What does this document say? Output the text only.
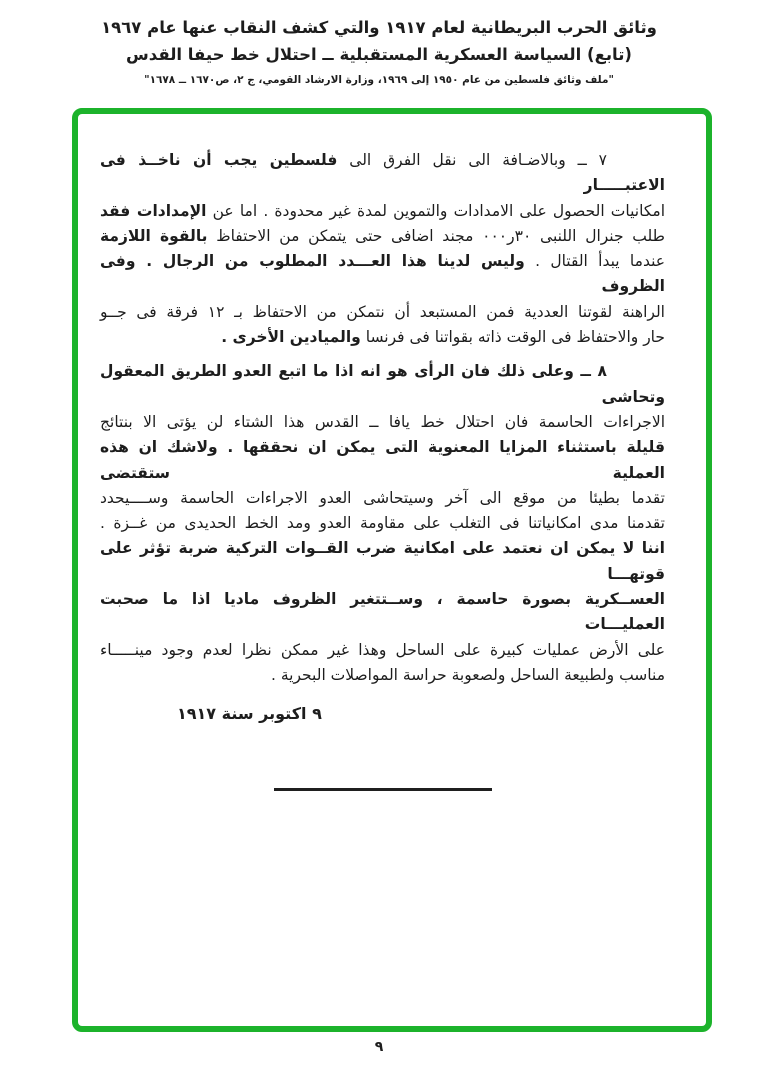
وثائق الحرب البريطانية لعام ١٩١٧ والتي كشف النقاب عنها عام ١٩٦٧
(تابع) السياسة العسكرية المستقبلية ــ احتلال خط حيفا القدس
"ملف وثائق فلسطين من عام ١٩٥٠ إلى ١٩٦٩، وزارة الارشاد القومي، ج ٢، ص١٦٧٠ ــ ١٦٧٨"
٧ ــ وبالاضـافة الى نقل الفرق الى فلسطين يجب أن ناخــذ فى الاعتبـــــار
امكانيات الحصول على الامدادات والتموين لمدة غير محدودة . اما عن الإمدادات فقد
طلب جنرال اللنبى ٣٠ر٠٠٠ مجند اضافى حتى يتمكن من الاحتفاظ بالقوة اللازمة
عندما يبدأ القتال . وليس لدينا هذا العـــدد المطلوب من الرجال . وفى الظروف
الراهنة لقوتنا العددية فمن المستبعد أن نتمكن من الاحتفاظ بـ ١٢ فرقة فى جــو
حار والاحتفاظ فى الوقت ذاته بقواتنا فى فرنسا والميادين الأخرى .
٨ ــ وعلى ذلك فان الرأى هو انه اذا ما اتبع العدو الطريق المعقول وتحاشى
الاجراءات الحاسمة فان احتلال خط يافا ــ القدس هذا الشتاء لن يؤتى الا بنتائج
قليلة باستثناء المزايا المعنوية التى يمكن ان نحققها . ولاشك ان هذه العملية ستقتضى
تقدما بطيئا من موقع الى آخر وسيتحاشى العدو الاجراءات الحاسمة وســــيحدد
تقدمنا مدى امكانياتنا فى التغلب على مقاومة العدو ومد الخط الحديدى من غــزة .
اننا لا يمكن ان نعتمد على امكانية ضرب القــوات التركية ضربة تؤثر على قوتهـــا
العســكرية بصورة حاسمة ، وســتتغير الظروف ماديا اذا ما صحبت العمليـــات
على الأرض عمليات كبيرة على الساحل وهذا غير ممكن نظرا لعدم وجود مينـــــاء
مناسب ولطبيعة الساحل ولصعوبة حراسة المواصلات البحرية .
٩ اكتوبر سنة ١٩١٧
٩
